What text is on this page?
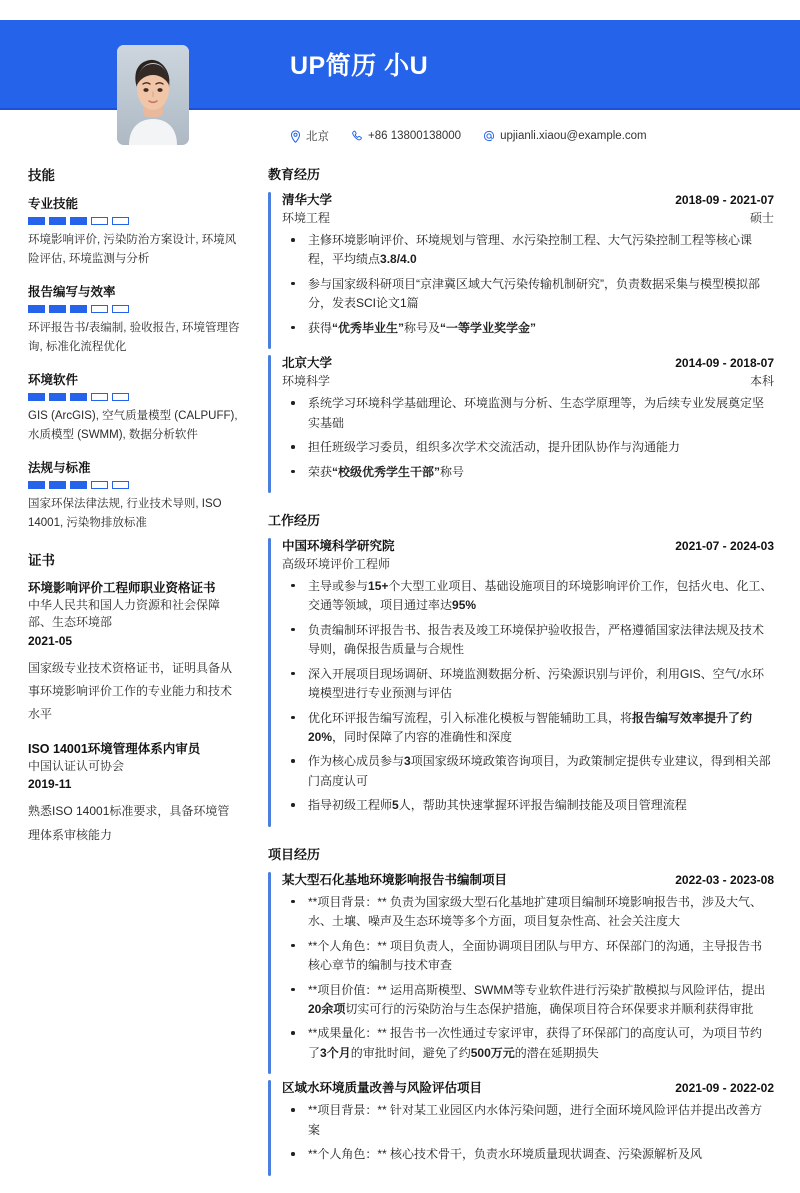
UP简历 小U
北京	+86 13800138000	upjianli.xiaou@example.com
技能
专业技能
环境影响评价, 污染防治方案设计, 环境风险评估, 环境监测与分析
报告编写与效率
环评报告书/表编制, 验收报告, 环境管理咨询, 标准化流程优化
环境软件
GIS (ArcGIS), 空气质量模型 (CALPUFF), 水质模型 (SWMM), 数据分析软件
法规与标准
国家环保法律法规, 行业技术导则, ISO 14001, 污染物排放标准
证书
环境影响评价工程师职业资格证书
中华人民共和国人力资源和社会保障部、生态环境部
2021-05
国家级专业技术资格证书，证明具备从事环境影响评价工作的专业能力和技术水平
ISO 14001环境管理体系内审员
中国认证认可协会
2019-11
熟悉ISO 14001标准要求，具备环境管理体系审核能力
教育经历
清华大学	2018-09 - 2021-07
环境工程	硕士
主修环境影响评价、环境规划与管理、水污染控制工程、大气污染控制工程等核心课程，平均绩点3.8/4.0
参与国家级科研项目“京津冀区域大气污染传输机制研究”，负责数据采集与模型模拟部分，发表SCI论文1篇
获得“优秀毕业生”称号及“一等学业奖学金”
北京大学	2014-09 - 2018-07
环境科学	本科
系统学习环境科学基础理论、环境监测与分析、生态学原理等，为后续专业发展奠定坚实基础
担任班级学习委员，组织多次学术交流活动，提升团队协作与沟通能力
荣获“校级优秀学生干部”称号
工作经历
中国环境科学研究院	2021-07 - 2024-03
高级环境评价工程师
主导或参与15+个大型工业项目、基础设施项目的环境影响评价工作，包括火电、化工、交通等领域，项目通过率达95%
负责编制环评报告书、报告表及竣工环境保护验收报告，严格遵循国家法律法规及技术导则，确保报告质量与合规性
深入开展项目现场调研、环境监测数据分析、污染源识别与评价，利用GIS、空气/水环境模型进行专业预测与评估
优化环评报告编写流程，引入标准化模板与智能辅助工具，将报告编写效率提升了约20%，同时保障了内容的准确性和深度
作为核心成员参与3项国家级环境政策咨询项目，为政策制定提供专业建议，得到相关部门高度认可
指导初级工程师5人，帮助其快速掌握环评报告编制技能及项目管理流程
项目经历
某大型石化基地环境影响报告书编制项目	2022-03 - 2023-08
**项目背景：** 负责为国家级大型石化基地扩建项目编制环境影响报告书，涉及大气、水、土壤、噪声及生态环境等多个方面，项目复杂性高、社会关注度大
**个人角色：** 项目负责人，全面协调项目团队与甲方、环保部门的沟通，主导报告书核心章节的编制与技术审查
**项目价值：** 运用高斯模型、SWMM等专业软件进行污染扩散模拟与风险评估，提出20余项切实可行的污染防治与生态保护措施，确保项目符合环保要求并顺利获得审批
**成果量化：** 报告书一次性通过专家评审，获得了环保部门的高度认可，为项目节约了3个月的审批时间，避免了约500万元的潜在延期损失
区域水环境质量改善与风险评估项目	2021-09 - 2022-02
**项目背景：** 针对某工业园区内水体污染问题，进行全面环境风险评估并提出改善方案
**个人角色：** 核心技术骨干，负责水环境质量现状调查、污染源解析及风
